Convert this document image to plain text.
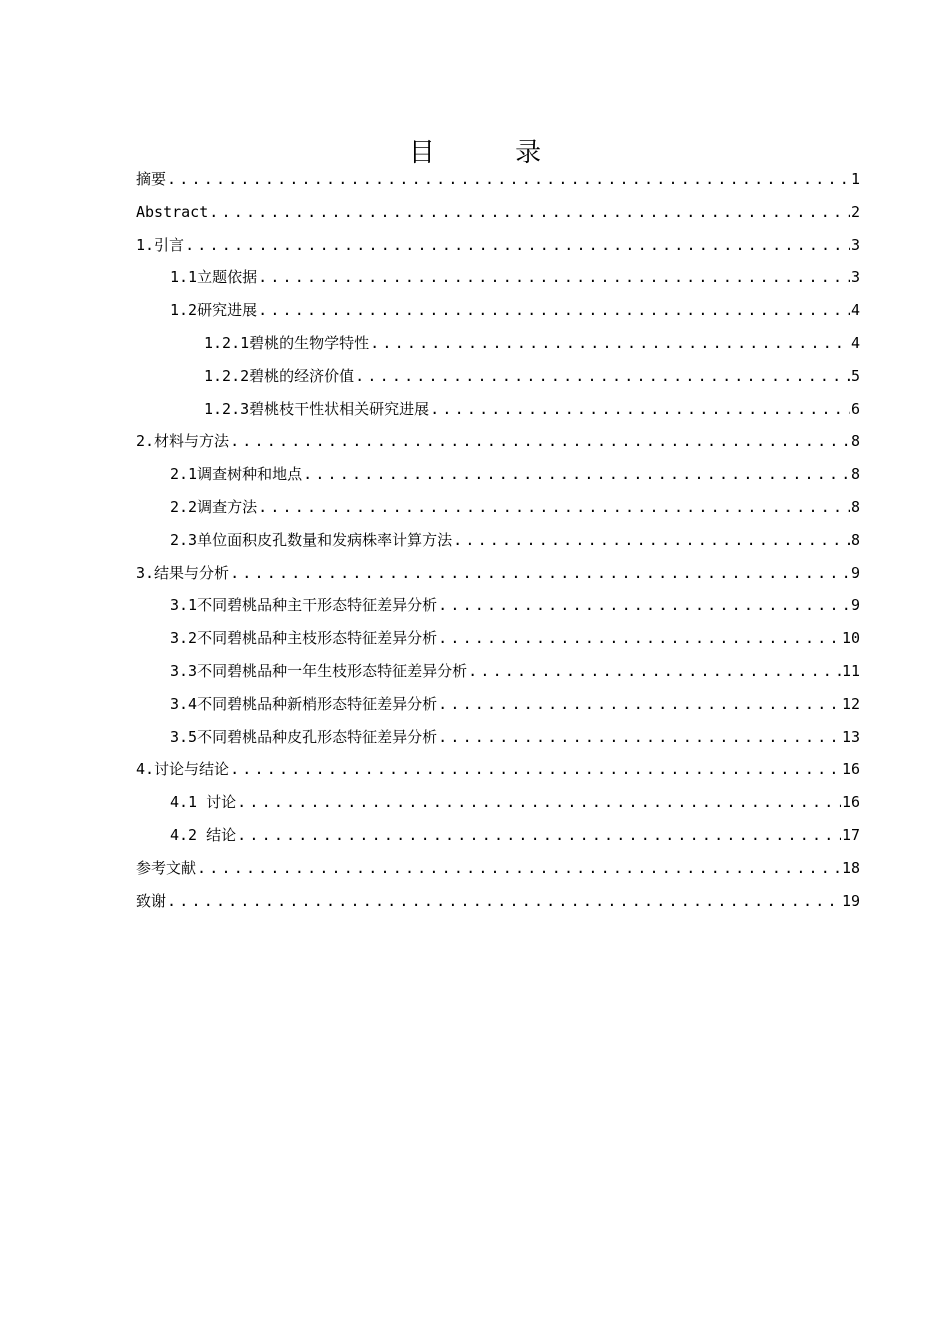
目 录
摘要 .....	1
Abstract .....	2
1.引言 .....	3
1.1立题依据 .....	3
1.2研究进展 .....	4
1.2.1碧桃的生物学特性 .....	4
1.2.2碧桃的经济价值 .....	5
1.2.3碧桃枝干性状相关研究进展 .....	6
2.材料与方法 .....	8
2.1调查树种和地点 .....	8
2.2调查方法 .....	8
2.3单位面积皮孔数量和发病株率计算方法 .....	8
3.结果与分析 .....	9
3.1不同碧桃品种主干形态特征差异分析 .....	9
3.2不同碧桃品种主枝形态特征差异分析 .....	10
3.3不同碧桃品种一年生枝形态特征差异分析 .....	11
3.4不同碧桃品种新梢形态特征差异分析 .....	12
3.5不同碧桃品种皮孔形态特征差异分析 .....	13
4.讨论与结论 .....	16
4.1 讨论 .....	16
4.2 结论 .....	17
参考文献 .....	18
致谢 .....	19
